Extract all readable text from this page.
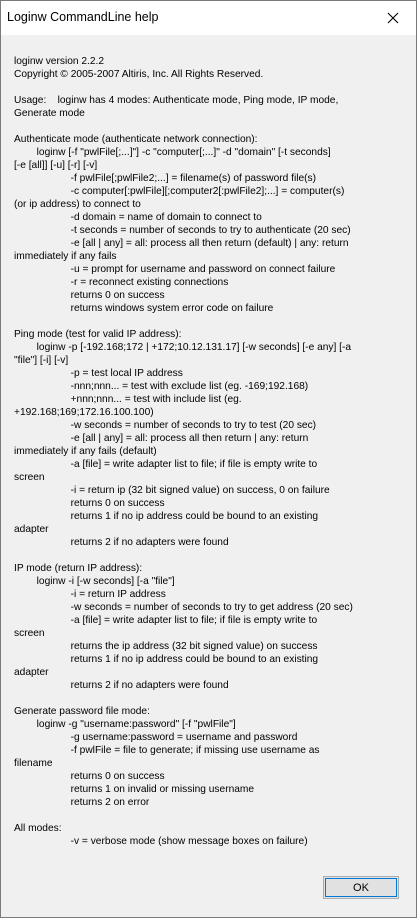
Loginw CommandLine help
loginw version 2.2.2
Copyright © 2005-2007 Altiris, Inc. All Rights Reserved.
Usage:    loginw has 4 modes: Authenticate mode, Ping mode, IP mode,
Generate mode
Authenticate mode (authenticate network connection):
loginw [-f "pwlFile[;...]"] -c "computer[;...]" -d "domain" [-t seconds]
[-e [all]] [-u] [-r] [-v]
-f pwlFile[;pwlFile2;...] = filename(s) of password file(s)
-c computer[:pwlFile][;computer2[:pwlFile2];...] = computer(s)
(or ip address) to connect to
-d domain = name of domain to connect to
-t seconds = number of seconds to try to authenticate (20 sec)
-e [all | any] = all: process all then return (default) | any: return
immediately if any fails
-u = prompt for username and password on connect failure
-r = reconnect existing connections
returns 0 on success
returns windows system error code on failure
Ping mode (test for valid IP address):
loginw -p [-192.168;172 | +172;10.12.131.17] [-w seconds] [-e any] [-a
"file"] [-i] [-v]
-p = test local IP address
-nnn;nnn... = test with exclude list (eg. -169;192.168)
+nnn;nnn... = test with include list (eg.
+192.168;169;172.16.100.100)
-w seconds = number of seconds to try to test (20 sec)
-e [all | any] = all: process all then return | any: return
immediately if any fails (default)
-a [file] = write adapter list to file; if file is empty write to
screen
-i = return ip (32 bit signed value) on success, 0 on failure
returns 0 on success
returns 1 if no ip address could be bound to an existing
adapter
returns 2 if no adapters were found
IP mode (return IP address):
loginw -i [-w seconds] [-a "file"]
-i = return IP address
-w seconds = number of seconds to try to get address (20 sec)
-a [file] = write adapter list to file; if file is empty write to
screen
returns the ip address (32 bit signed value) on success
returns 1 if no ip address could be bound to an existing
adapter
returns 2 if no adapters were found
Generate password file mode:
loginw -g "username:password" [-f "pwlFile"]
-g username:password = username and password
-f pwlFile = file to generate; if missing use username as
filename
returns 0 on success
returns 1 on invalid or missing username
returns 2 on error
All modes:
-v = verbose mode (show message boxes on failure)
OK
